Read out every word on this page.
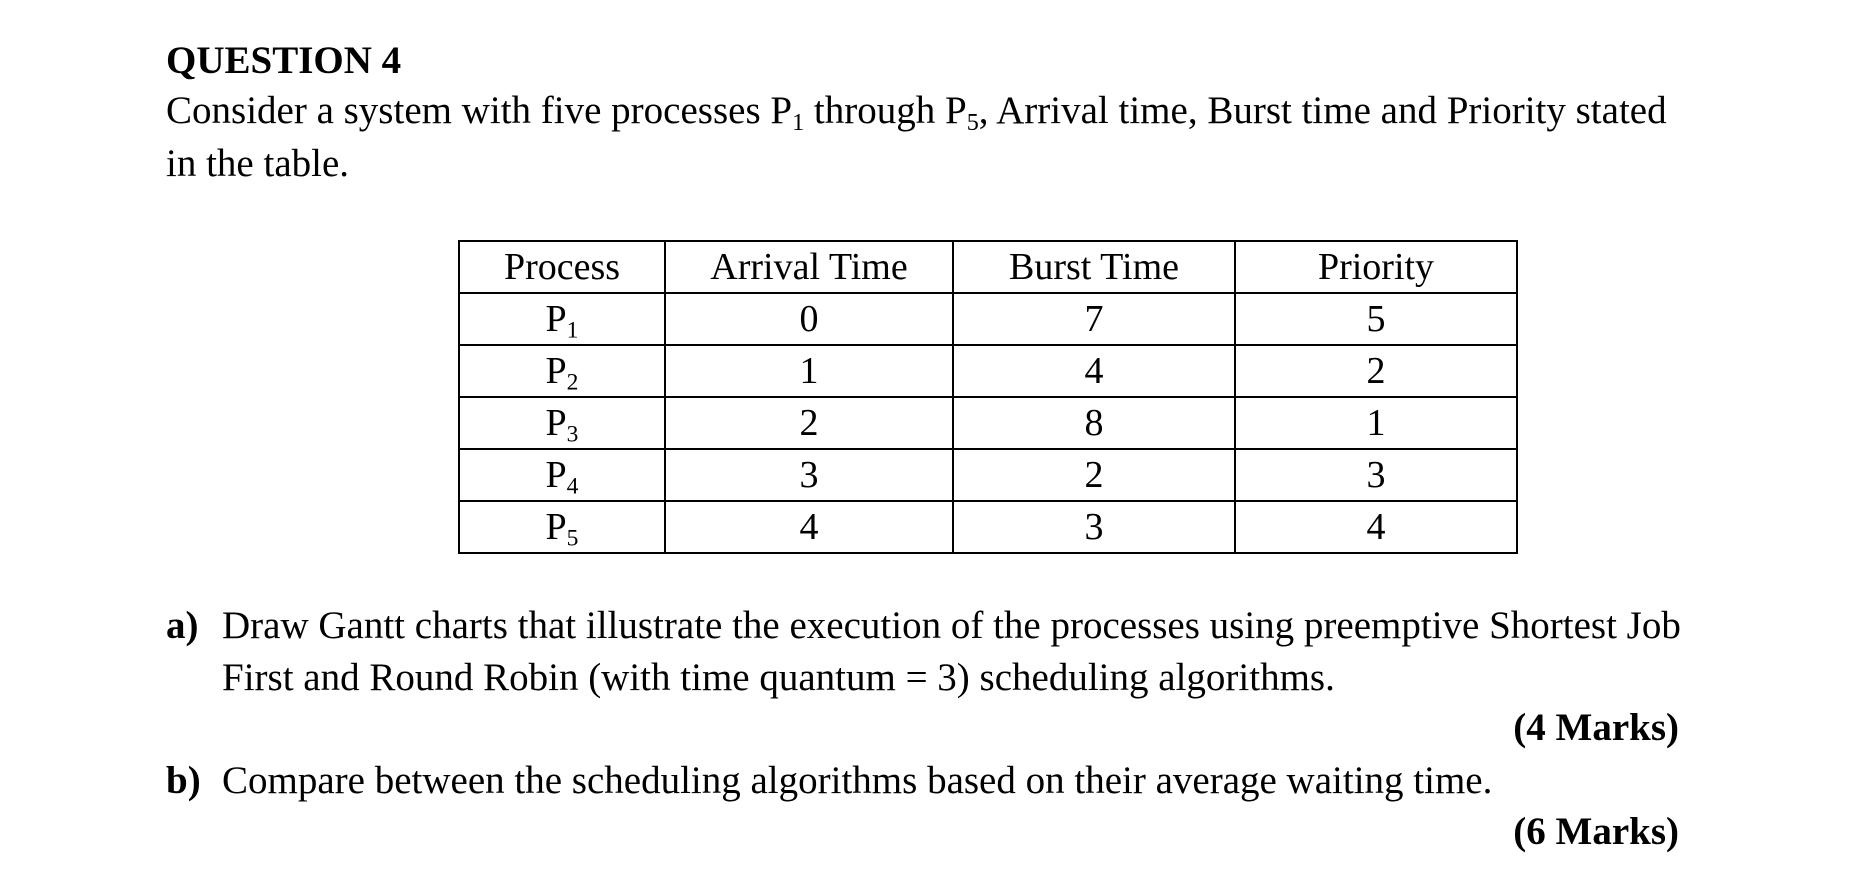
QUESTION 4
Consider a system with five processes $P_1$ through $P_5$, Arrival time, Burst time and Priority stated
in the table.
Process	Arrival Time	Burst Time	Priority
$P_1$	0	7	5
$P_2$	1	4	2
$P_3$	2	8	1
$P_4$	3	2	3
$P_5$	4	3	4
a) Draw Gantt charts that illustrate the execution of the processes using preemptive Shortest Job
First and Round Robin (with time quantum = 3) scheduling algorithms.
(4 Marks)
b) Compare between the scheduling algorithms based on their average waiting time.
(6 Marks)
